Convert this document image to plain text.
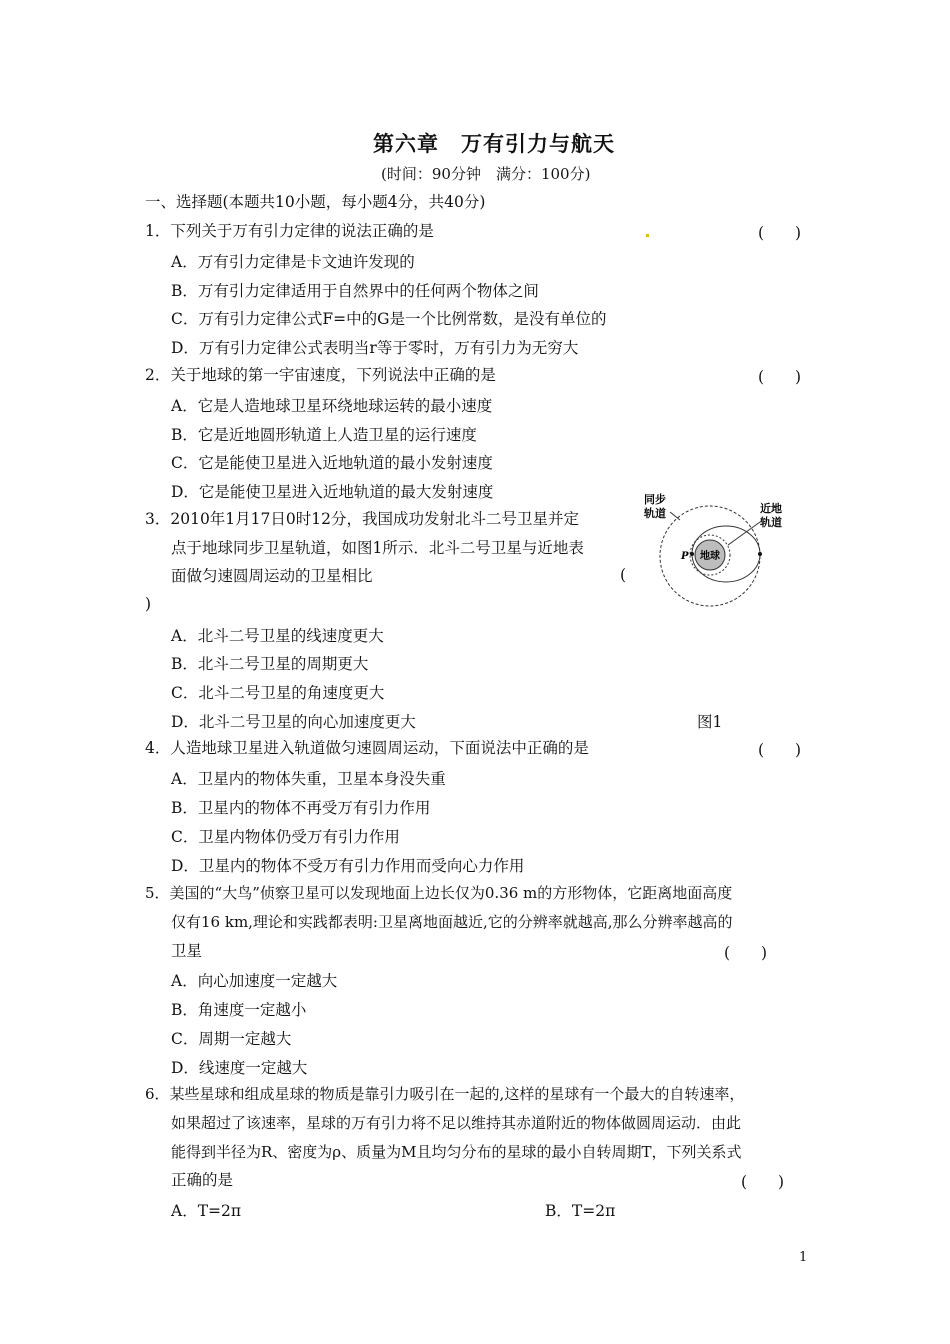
第六章　万有引力与航天
(时间：90分钟　满分：100分)
一、选择题(本题共10小题，每小题4分，共40分)
1．下列关于万有引力定律的说法正确的是	(　　)
A．万有引力定律是卡文迪许发现的
B．万有引力定律适用于自然界中的任何两个物体之间
C．万有引力定律公式F=中的G是一个比例常数，是没有单位的
D．万有引力定律公式表明当r等于零时，万有引力为无穷大
2．关于地球的第一宇宙速度，下列说法中正确的是	(　　)
A．它是人造地球卫星环绕地球运转的最小速度
B．它是近地圆形轨道上人造卫星的运行速度
C．它是能使卫星进入近地轨道的最小发射速度
D．它是能使卫星进入近地轨道的最大发射速度
3．2010年1月17日0时12分，我国成功发射北斗二号卫星并定
点于地球同步卫星轨道，如图1所示．北斗二号卫星与近地表
面做匀速圆周运动的卫星相比	(
)
A．北斗二号卫星的线速度更大
B．北斗二号卫星的周期更大
C．北斗二号卫星的角速度更大
D．北斗二号卫星的向心加速度更大	图1
地球
P
同步
轨道	近地
轨道
4．人造地球卫星进入轨道做匀速圆周运动，下面说法中正确的是	(　　)
A．卫星内的物体失重，卫星本身没失重
B．卫星内的物体不再受万有引力作用
C．卫星内物体仍受万有引力作用
D．卫星内的物体不受万有引力作用而受向心力作用
5．美国的“大鸟”侦察卫星可以发现地面上边长仅为0.36 m的方形物体，它距离地面高度
仅有16 km,理论和实践都表明:卫星离地面越近,它的分辨率就越高,那么分辨率越高的
卫星	(　　)
A．向心加速度一定越大
B．角速度一定越小
C．周期一定越大
D．线速度一定越大
6．某些星球和组成星球的物质是靠引力吸引在一起的,这样的星球有一个最大的自转速率，
如果超过了该速率，星球的万有引力将不足以维持其赤道附近的物体做圆周运动．由此
能得到半径为R、密度为ρ、质量为M且均匀分布的星球的最小自转周期T，下列关系式
正确的是	(　　)
A．T=2π	B．T=2π
1
